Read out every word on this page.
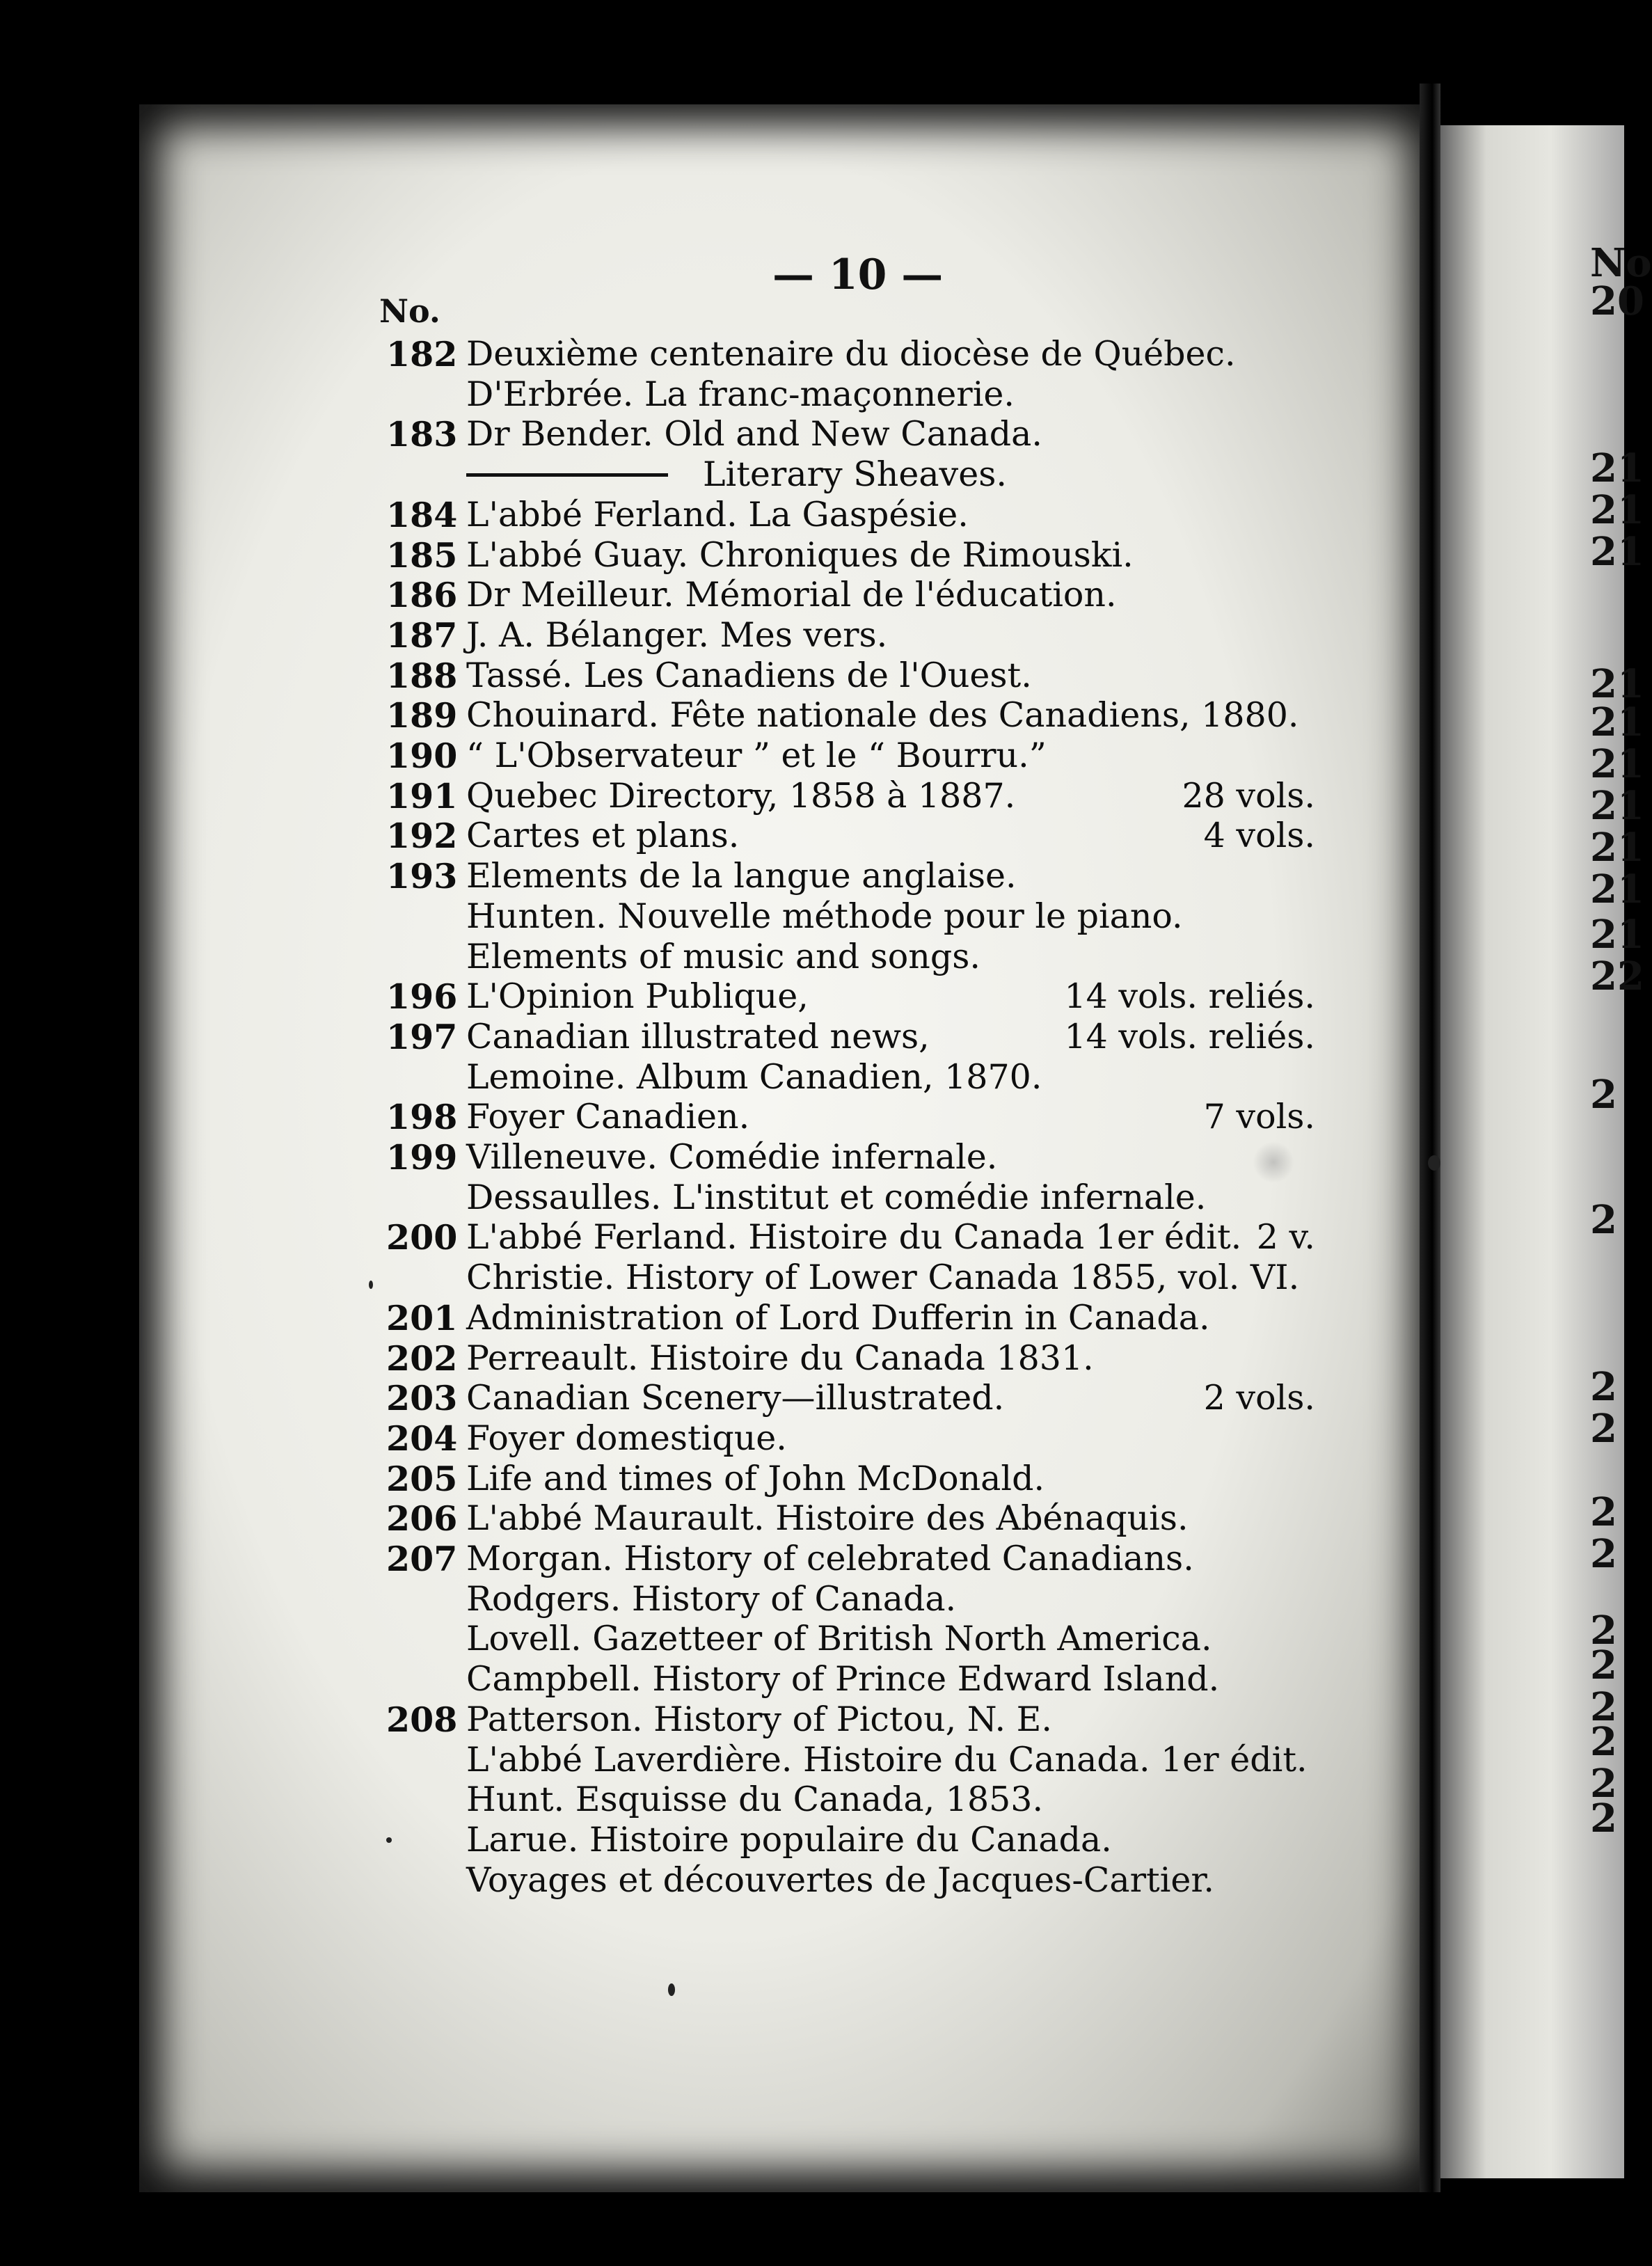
No
20
21
21
21
21
21
21
21
21
21
21
22
2
2
2
2
2
2
2
2
2
2
2
2
— 10 —
No.
182 Deuxième centenaire du diocèse de Québec.
D'Erbrée. La franc-maçonnerie.
183 Dr Bender. Old and New Canada.
Literary Sheaves.
184 L'abbé Ferland. La Gaspésie.
185 L'abbé Guay. Chroniques de Rimouski.
186 Dr Meilleur. Mémorial de l'éducation.
187 J. A. Bélanger. Mes vers.
188 Tassé. Les Canadiens de l'Ouest.
189 Chouinard. Fête nationale des Canadiens, 1880.
190 “ L'Observateur ” et le “ Bourru.”
191 Quebec Directory, 1858 à 1887.	28 vols.
192 Cartes et plans.	4 vols.
193 Elements de la langue anglaise.
Hunten. Nouvelle méthode pour le piano.
Elements of music and songs.
196 L'Opinion Publique,	14 vols. reliés.
197 Canadian illustrated news,	14 vols. reliés.
Lemoine. Album Canadien, 1870.
198 Foyer Canadien.	7 vols.
199 Villeneuve. Comédie infernale.
Dessaulles. L'institut et comédie infernale.
200 L'abbé Ferland. Histoire du Canada 1er édit. 2 v.
Christie. History of Lower Canada 1855, vol. VI.
201 Administration of Lord Dufferin in Canada.
202 Perreault. Histoire du Canada 1831.
203 Canadian Scenery—illustrated.	2 vols.
204 Foyer domestique.
205 Life and times of John McDonald.
206 L'abbé Maurault. Histoire des Abénaquis.
207 Morgan. History of celebrated Canadians.
Rodgers. History of Canada.
Lovell. Gazetteer of British North America.
Campbell. History of Prince Edward Island.
208 Patterson. History of Pictou, N. E.
L'abbé Laverdière. Histoire du Canada. 1er édit.
Hunt. Esquisse du Canada, 1853.
Larue. Histoire populaire du Canada.
Voyages et découvertes de Jacques-Cartier.
